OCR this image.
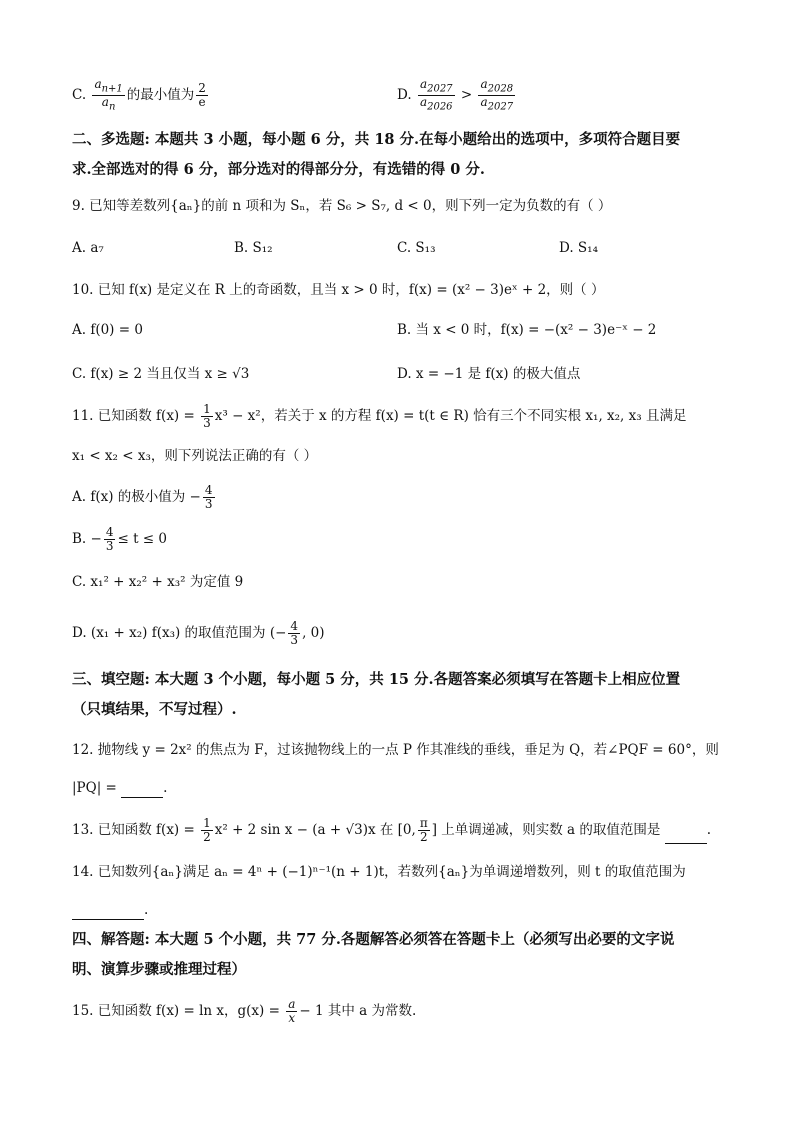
C. $\frac{a_{n+1}}{a_n}$ 的最小值为 $\frac{2}{e}$	D. $\frac{a_{2027}}{a_{2026}} > \frac{a_{2028}}{a_{2027}}$
二、多选题: 本题共 3 小题，每小题 6 分，共 18 分.在每小题给出的选项中，多项符合题目要
求.全部选对的得 6 分，部分选对的得部分分，有选错的得 0 分.
9. 已知等差数列{aₙ}的前 n 项和为 Sₙ，若 S₆ > S₇, d < 0，则下列一定为负数的有（ ）
A. a₇	B. S₁₂	C. S₁₃	D. S₁₄
10. 已知 f(x) 是定义在 R 上的奇函数，且当 x > 0 时，f(x) = (x² − 3)eˣ + 2，则（ ）
A. f(0) = 0	B. 当 x < 0 时，f(x) = −(x² − 3)e⁻ˣ − 2
C. f(x) ≥ 2 当且仅当 x ≥ √3	D. x = −1 是 f(x) 的极大值点
11. 已知函数 $f(x) = \frac{1}{3} x^3 - x^2$，若关于 x 的方程 f(x) = t(t ∈ R) 恰有三个不同实根 x₁, x₂, x₃ 且满足
x₁ < x₂ < x₃，则下列说法正确的有（ ）
A. f(x) 的极小值为 − $\frac{4}{3}$
B. − $\frac{4}{3} \le t \le 0$
C. x₁² + x₂² + x₃² 为定值 9
D. (x₁ + x₂) f(x₃) 的取值范围为 (− $\frac{4}{3}$ , 0)
三、填空题: 本大题 3 个小题，每小题 5 分，共 15 分.各题答案必须填写在答题卡上相应位置
（只填结果，不写过程）.
12. 抛物线 y = 2x² 的焦点为 F，过该抛物线上的一点 P 作其准线的垂线，垂足为 Q，若∠PQF = 60°，则
|PQ| =	.
13. 已知函数 $f(x) = \frac{1}{2} x^2 + 2$ sin x − (a + √3)x 在 [0, $\frac{\pi}{2}$ ] 上单调递减，则实数 a 的取值范围是	.
14. 已知数列{aₙ}满足 aₙ = 4ⁿ + (−1)ⁿ⁻¹(n + 1)t，若数列{aₙ}为单调递增数列，则 t 的取值范围为
.
四、解答题: 本大题 5 个小题，共 77 分.各题解答必须答在答题卡上（必须写出必要的文字说
明、演算步骤或推理过程）
15. 已知函数 f(x) = ln x，$g(x) = \frac{a}{x} - 1$ 其中 a 为常数.
